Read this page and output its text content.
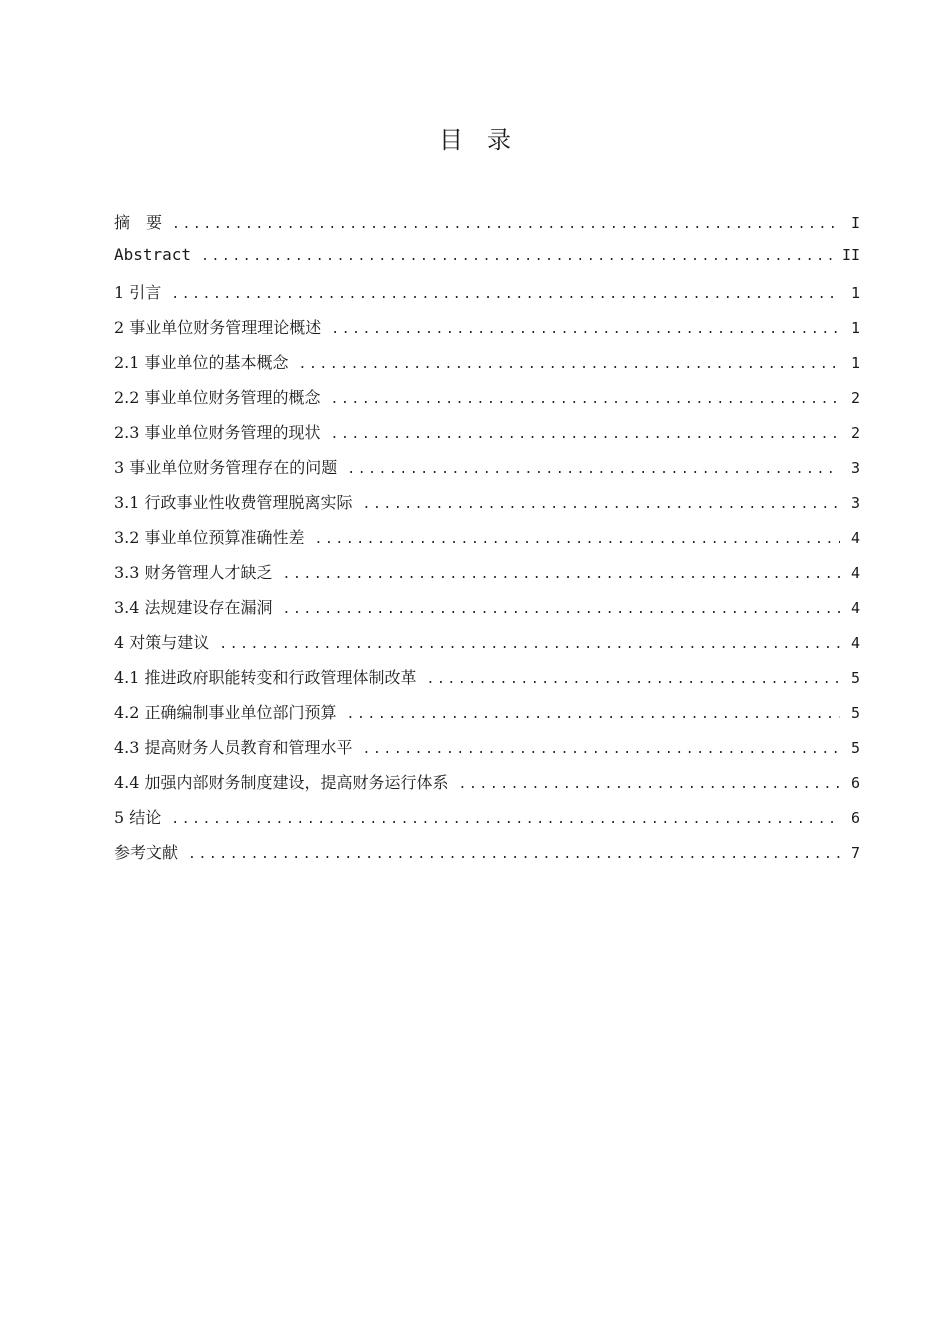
目　录
摘　要 .....	I
Abstract .....	II
1 引言 .....	1
2 事业单位财务管理理论概述 .....	1
2.1 事业单位的基本概念 .....	1
2.2 事业单位财务管理的概念 .....	2
2.3 事业单位财务管理的现状 .....	2
3 事业单位财务管理存在的问题 .....	3
3.1 行政事业性收费管理脱离实际 .....	3
3.2 事业单位预算准确性差 .....	4
3.3 财务管理人才缺乏 .....	4
3.4 法规建设存在漏洞 .....	4
4 对策与建议 .....	4
4.1 推进政府职能转变和行政管理体制改革 .....	5
4.2 正确编制事业单位部门预算 .....	5
4.3 提高财务人员教育和管理水平 .....	5
4.4 加强内部财务制度建设，提高财务运行体系 .....	6
5 结论 .....	6
参考文献 .....	7
